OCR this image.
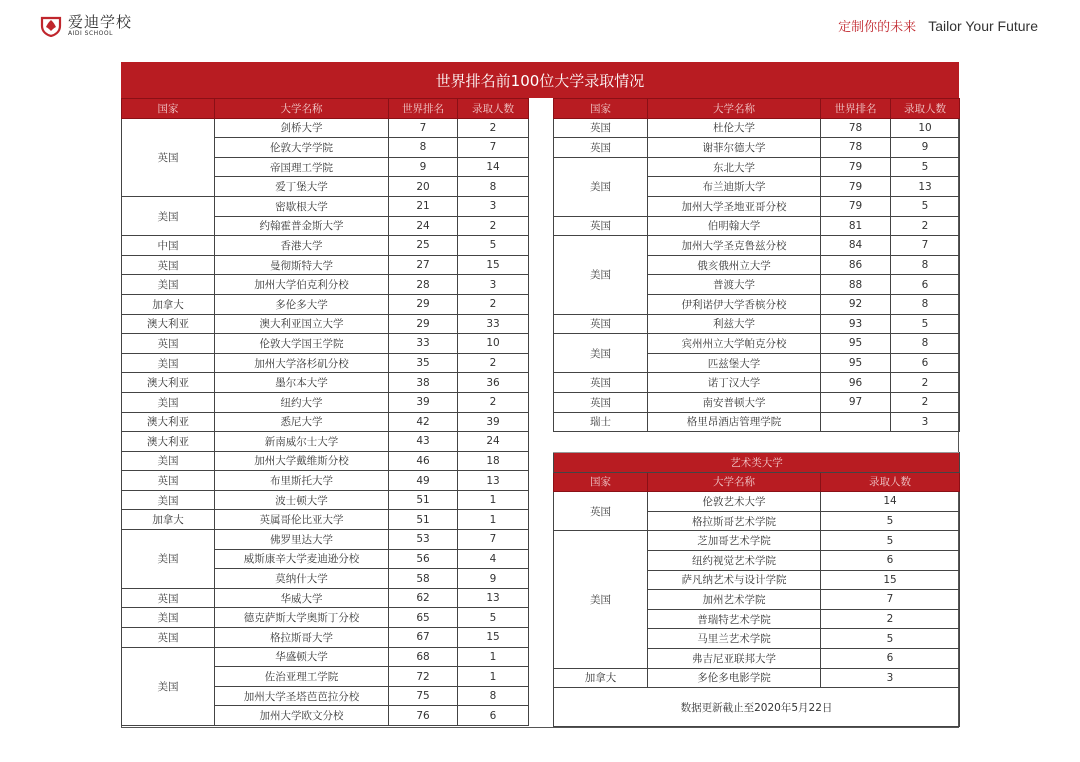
爱迪学校
AIDI SCHOOL	定制你的未来 Tailor Your Future
世界排名前100位大学录取情况
国家	大学名称	世界排名	录取人数
英国	剑桥大学	7	2
	伦敦大学学院	8	7
	帝国理工学院	9	14
	爱丁堡大学	20	8
美国	密歇根大学	21	3
	约翰霍普金斯大学	24	2
中国	香港大学	25	5
英国	曼彻斯特大学	27	15
美国	加州大学伯克利分校	28	3
加拿大	多伦多大学	29	2
澳大利亚	澳大利亚国立大学	29	33
英国	伦敦大学国王学院	33	10
美国	加州大学洛杉矶分校	35	2
澳大利亚	墨尔本大学	38	36
美国	纽约大学	39	2
澳大利亚	悉尼大学	42	39
澳大利亚	新南威尔士大学	43	24
美国	加州大学戴维斯分校	46	18
英国	布里斯托大学	49	13
美国	波士顿大学	51	1
加拿大	英属哥伦比亚大学	51	1
美国	佛罗里达大学	53	7
	威斯康辛大学麦迪逊分校	56	4
	莫纳什大学	58	9
英国	华威大学	62	13
美国	德克萨斯大学奥斯丁分校	65	5
英国	格拉斯哥大学	67	15
美国	华盛顿大学	68	1
	佐治亚理工学院	72	1
	加州大学圣塔芭芭拉分校	75	8
	加州大学欧文分校	76	6
国家	大学名称	世界排名	录取人数
英国	杜伦大学	78	10
英国	谢菲尔德大学	78	9
美国	东北大学	79	5
	布兰迪斯大学	79	13
	加州大学圣地亚哥分校	79	5
英国	伯明翰大学	81	2
美国	加州大学圣克鲁兹分校	84	7
	俄亥俄州立大学	86	8
	普渡大学	88	6
	伊利诺伊大学香槟分校	92	8
英国	利兹大学	93	5
美国	宾州州立大学帕克分校	95	8
	匹兹堡大学	95	6
英国	诺丁汉大学	96	2
英国	南安普顿大学	97	2
瑞士	格里昂酒店管理学院		3
艺术类大学		
国家	大学名称	录取人数
英国	伦敦艺术大学	14
	格拉斯哥艺术学院	5
美国	芝加哥艺术学院	5
	纽约视觉艺术学院	6
	萨凡纳艺术与设计学院	15
	加州艺术学院	7
	普瑞特艺术学院	2
	马里兰艺术学院	5
	弗吉尼亚联邦大学	6
加拿大	多伦多电影学院	3
数据更新截止至2020年5月22日		
